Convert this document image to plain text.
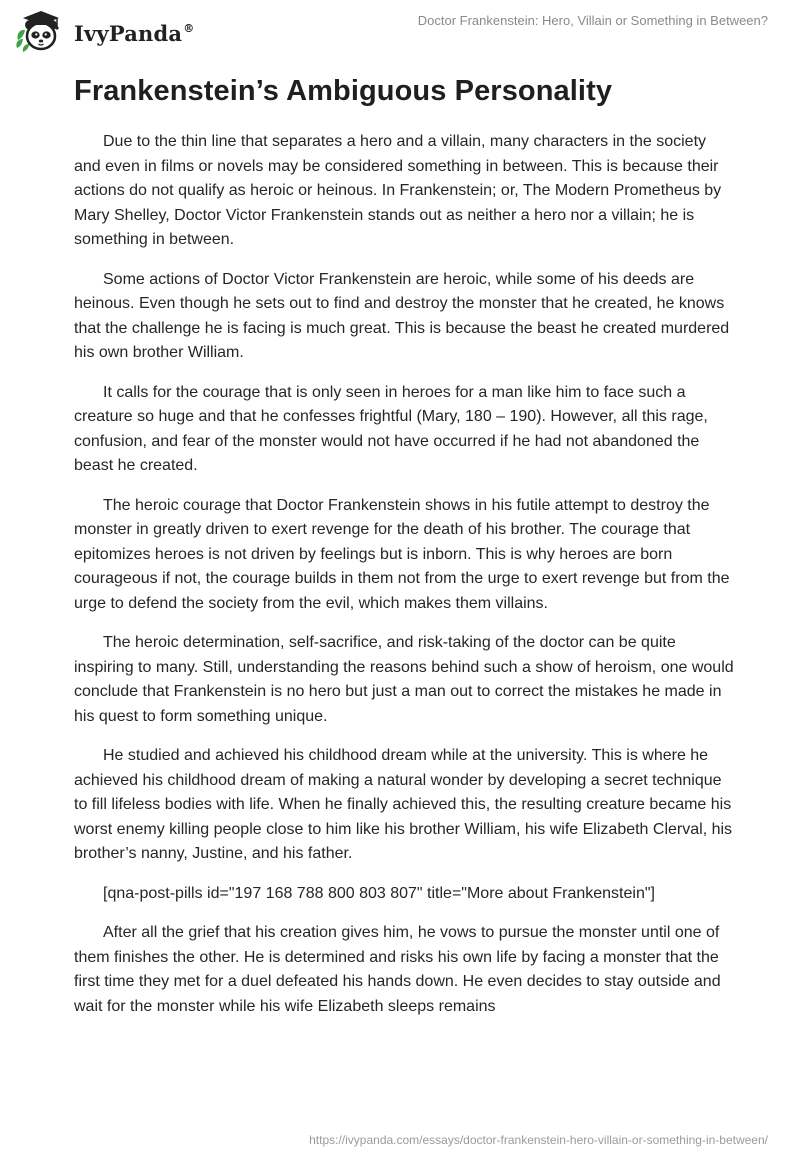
IvyPanda®	Doctor Frankenstein: Hero, Villain or Something in Between?
Frankenstein’s Ambiguous Personality

Due to the thin line that separates a hero and a villain, many characters in the society and even in films or novels may be considered something in between. This is because their actions do not qualify as heroic or heinous. In Frankenstein; or, The Modern Prometheus by Mary Shelley, Doctor Victor Frankenstein stands out as neither a hero nor a villain; he is something in between.

Some actions of Doctor Victor Frankenstein are heroic, while some of his deeds are heinous. Even though he sets out to find and destroy the monster that he created, he knows that the challenge he is facing is much great. This is because the beast he created murdered his own brother William.

It calls for the courage that is only seen in heroes for a man like him to face such a creature so huge and that he confesses frightful (Mary, 180 – 190). However, all this rage, confusion, and fear of the monster would not have occurred if he had not abandoned the beast he created.

The heroic courage that Doctor Frankenstein shows in his futile attempt to destroy the monster in greatly driven to exert revenge for the death of his brother. The courage that epitomizes heroes is not driven by feelings but is inborn. This is why heroes are born courageous if not, the courage builds in them not from the urge to exert revenge but from the urge to defend the society from the evil, which makes them villains.

The heroic determination, self-sacrifice, and risk-taking of the doctor can be quite inspiring to many. Still, understanding the reasons behind such a show of heroism, one would conclude that Frankenstein is no hero but just a man out to correct the mistakes he made in his quest to form something unique.

He studied and achieved his childhood dream while at the university. This is where he achieved his childhood dream of making a natural wonder by developing a secret technique to fill lifeless bodies with life. When he finally achieved this, the resulting creature became his worst enemy killing people close to him like his brother William, his wife Elizabeth Clerval, his brother’s nanny, Justine, and his father.

[qna-post-pills id="197 168 788 800 803 807" title="More about Frankenstein"]

After all the grief that his creation gives him, he vows to pursue the monster until one of them finishes the other. He is determined and risks his own life by facing a monster that the first time they met for a duel defeated his hands down. He even decides to stay outside and wait for the monster while his wife Elizabeth sleeps remains

https://ivypanda.com/essays/doctor-frankenstein-hero-villain-or-something-in-between/
